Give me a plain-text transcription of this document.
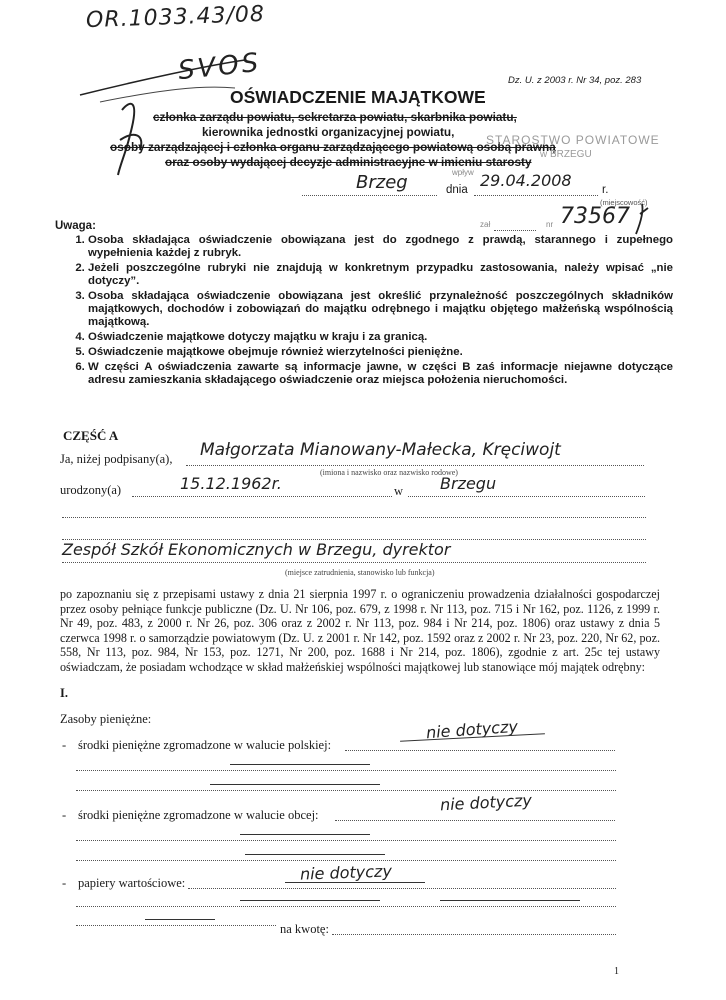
OR.1033.43/08
SVOS	Dz. U. z 2003 r. Nr 34, poz. 283
OŚWIADCZENIE MAJĄTKOWE
członka zarządu powiatu, sekretarza powiatu, skarbnika powiatu,
kierownika jednostki organizacyjnej powiatu,
osoby zarządzającej i członka organu zarządzającego powiatową osobą prawną
oraz osoby wydającej decyzje administracyjne w imieniu starosty
STAROSTWO POWIATOWE
w BRZEGU
wpływ 29.04.2008
Brzeg	dnia	r.
(miejscowość)
zał	nr 73567
Uwaga:
1. Osoba składająca oświadczenie obowiązana jest do zgodnego z prawdą, starannego i zupełnego wypełnienia każdej z rubryk.
2. Jeżeli poszczególne rubryki nie znajdują w konkretnym przypadku zastosowania, należy wpisać „nie dotyczy”.
3. Osoba składająca oświadczenie obowiązana jest określić przynależność poszczególnych składników majątkowych, dochodów i zobowiązań do majątku odrębnego i majątku objętego małżeńską wspólnością majątkową.
4. Oświadczenie majątkowe dotyczy majątku w kraju i za granicą.
5. Oświadczenie majątkowe obejmuje również wierzytelności pieniężne.
6. W części A oświadczenia zawarte są informacje jawne, w części B zaś informacje niejawne dotyczące adresu zamieszkania składającego oświadczenie oraz miejsca położenia nieruchomości.
CZĘŚĆ A
Ja, niżej podpisany(a), Małgorzata Mianowany-Małecka, Kręciwojt
(imiona i nazwisko oraz nazwisko rodowe)
urodzony(a)	15.12.1962r.	w Brzegu
Zespół Szkół Ekonomicznych w Brzegu, dyrektor
(miejsce zatrudnienia, stanowisko lub funkcja)
po zapoznaniu się z przepisami ustawy z dnia 21 sierpnia 1997 r. o ograniczeniu prowadzenia działalności gospodarczej przez osoby pełniące funkcje publiczne (Dz. U. Nr 106, poz. 679, z 1998 r. Nr 113, poz. 715 i Nr 162, poz. 1126, z 1999 r. Nr 49, poz. 483, z 2000 r. Nr 26, poz. 306 oraz z 2002 r. Nr 113, poz. 984 i Nr 214, poz. 1806) oraz ustawy z dnia 5 czerwca 1998 r. o samorządzie powiatowym (Dz. U. z 2001 r. Nr 142, poz. 1592 oraz z 2002 r. Nr 23, poz. 220, Nr 62, poz. 558, Nr 113, poz. 984, Nr 153, poz. 1271, Nr 200, poz. 1688 i Nr 214, poz. 1806), zgodnie z art. 25c tej ustawy oświadczam, że posiadam wchodzące w skład małżeńskiej wspólności majątkowej lub stanowiące mój majątek odrębny:
I.
Zasoby pieniężne:
- środki pieniężne zgromadzone w walucie polskiej:
nie dotyczy
- środki pieniężne zgromadzone w walucie obcej:
nie dotyczy
- papiery wartościowe:	nie dotyczy
na kwotę:
1
